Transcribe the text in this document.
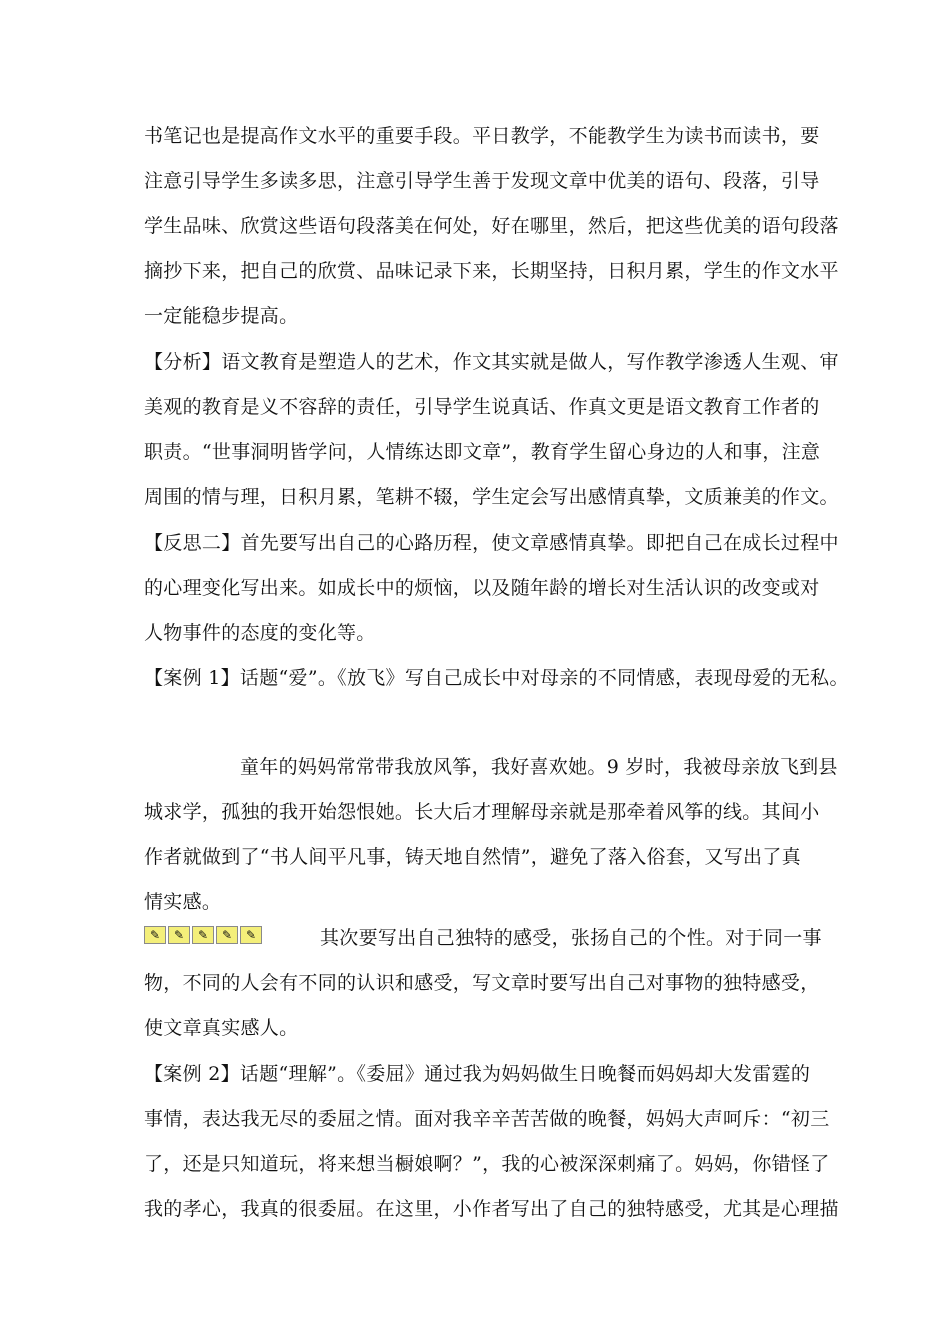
书笔记也是提高作文水平的重要手段。平日教学，不能教学生为读书而读书，要
注意引导学生多读多思，注意引导学生善于发现文章中优美的语句、段落，引导
学生品味、欣赏这些语句段落美在何处，好在哪里，然后，把这些优美的语句段落
摘抄下来，把自己的欣赏、品味记录下来，长期坚持，日积月累，学生的作文水平
一定能稳步提高。
【分析】语文教育是塑造人的艺术，作文其实就是做人，写作教学渗透人生观、审
美观的教育是义不容辞的责任，引导学生说真话、作真文更是语文教育工作者的
职责。“世事洞明皆学问，人情练达即文章”，教育学生留心身边的人和事，注意
周围的情与理，日积月累，笔耕不辍，学生定会写出感情真挚，文质兼美的作文。
【反思二】首先要写出自己的心路历程，使文章感情真挚。即把自己在成长过程中
的心理变化写出来。如成长中的烦恼，以及随年龄的增长对生活认识的改变或对
人物事件的态度的变化等。
【案例 1】话题“爱”。《放飞》写自己成长中对母亲的不同情感，表现母爱的无私。
童年的妈妈常常带我放风筝，我好喜欢她。9 岁时，我被母亲放飞到县
城求学，孤独的我开始怨恨她。长大后才理解母亲就是那牵着风筝的线。其间小
作者就做到了“书人间平凡事，铸天地自然情”，避免了落入俗套，又写出了真
情实感。
✎	✎	✎	✎	✎	其次要写出自己独特的感受，张扬自己的个性。对于同一事
物，不同的人会有不同的认识和感受，写文章时要写出自己对事物的独特感受，
使文章真实感人。
【案例 2】话题“理解”。《委屈》通过我为妈妈做生日晚餐而妈妈却大发雷霆的
事情，表达我无尽的委屈之情。面对我辛辛苦苦做的晚餐，妈妈大声呵斥：“初三
了，还是只知道玩，将来想当橱娘啊？”，我的心被深深刺痛了。妈妈，你错怪了
我的孝心，我真的很委屈。在这里，小作者写出了自己的独特感受，尤其是心理描
